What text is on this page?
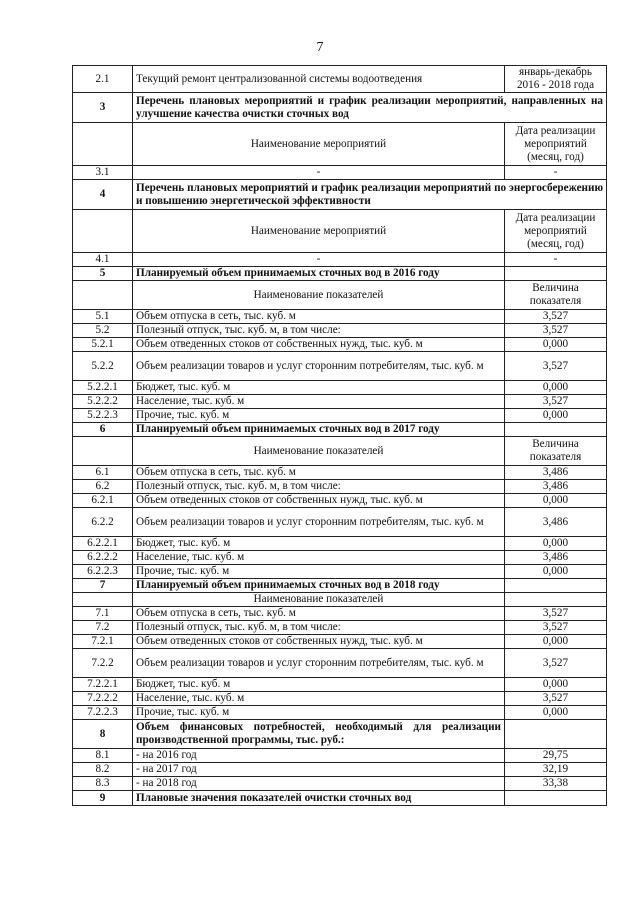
7
2.1	Текущий ремонт централизованной системы водоотведения	январь-декабрь 2016 - 2018 года
3	Перечень плановых мероприятий и график реализации мероприятий, направленных на улучшение качества очистки сточных вод	
	Наименование мероприятий	Дата реализации мероприятий (месяц, год)
3.1	-	-
4	Перечень плановых мероприятий и график реализации мероприятий по энергосбережению и повышению энергетической эффективности	
	Наименование мероприятий	Дата реализации мероприятий (месяц, год)
4.1	-	-
5	Планируемый объем принимаемых сточных вод в 2016 году	
	Наименование показателей	Величина показателя
5.1	Объем отпуска в сеть, тыс. куб. м	3,527
5.2	Полезный отпуск, тыс. куб. м, в том числе:	3,527
5.2.1	Объем отведенных стоков от собственных нужд, тыс. куб. м	0,000
5.2.2	Объем реализации товаров и услуг сторонним потребителям, тыс. куб. м	3,527
5.2.2.1	Бюджет, тыс. куб. м	0,000
5.2.2.2	Население, тыс. куб. м	3,527
5.2.2.3	Прочие, тыс. куб. м	0,000
6	Планируемый объем принимаемых сточных вод в 2017 году	
	Наименование показателей	Величина показателя
6.1	Объем отпуска в сеть, тыс. куб. м	3,486
6.2	Полезный отпуск, тыс. куб. м, в том числе:	3,486
6.2.1	Объем отведенных стоков от собственных нужд, тыс. куб. м	0,000
6.2.2	Объем реализации товаров и услуг сторонним потребителям, тыс. куб. м	3,486
6.2.2.1	Бюджет, тыс. куб. м	0,000
6.2.2.2	Население, тыс. куб. м	3,486
6.2.2.3	Прочие, тыс. куб. м	0,000
7	Планируемый объем принимаемых сточных вод в 2018 году	
	Наименование показателей	
7.1	Объем отпуска в сеть, тыс. куб. м	3,527
7.2	Полезный отпуск, тыс. куб. м, в том числе:	3,527
7.2.1	Объем отведенных стоков от собственных нужд, тыс. куб. м	0,000
7.2.2	Объем реализации товаров и услуг сторонним потребителям, тыс. куб. м	3,527
7.2.2.1	Бюджет, тыс. куб. м	0,000
7.2.2.2	Население, тыс. куб. м	3,527
7.2.2.3	Прочие, тыс. куб. м	0,000
8	Объем финансовых потребностей, необходимый для реализации производственной программы, тыс. руб.:	
8.1	- на 2016 год	29,75
8.2	- на 2017 год	32,19
8.3	- на 2018 год	33,38
9	Плановые значения показателей очистки сточных вод	
